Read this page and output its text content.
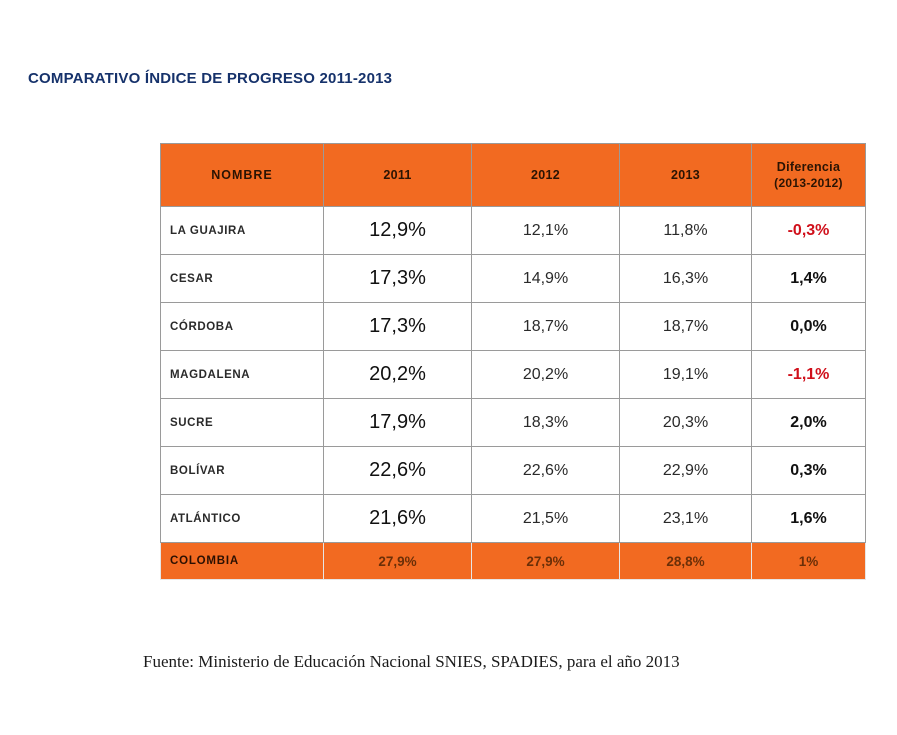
COMPARATIVO ÍNDICE DE PROGRESO 2011-2013
NOMBRE	2011	2012	2013	Diferencia
(2013-2012)

LA GUAJIRA	12,9%	12,1%	11,8%	-0,3%
CESAR	17,3%	14,9%	16,3%	1,4%
CÓRDOBA	17,3%	18,7%	18,7%	0,0%
MAGDALENA	20,2%	20,2%	19,1%	-1,1%
SUCRE	17,9%	18,3%	20,3%	2,0%
BOLÍVAR	22,6%	22,6%	22,9%	0,3%
ATLÁNTICO	21,6%	21,5%	23,1%	1,6%
COLOMBIA	27,9%	27,9%	28,8%	1%
Fuente: Ministerio de Educación Nacional SNIES, SPADIES, para el año 2013
